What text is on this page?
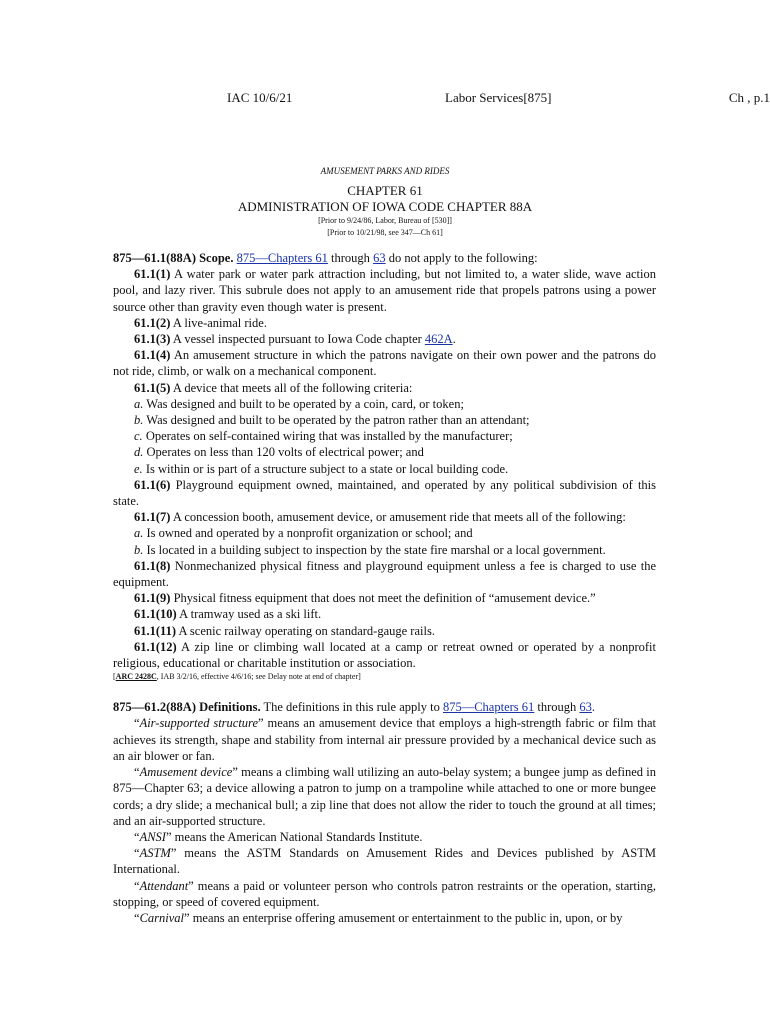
IAC 10/6/21	Labor Services[875]	Ch , p.1
AMUSEMENT PARKS AND RIDES
CHAPTER 61
ADMINISTRATION OF IOWA CODE CHAPTER 88A
[Prior to 9/24/86, Labor, Bureau of [530]]
[Prior to 10/21/98, see 347—Ch 61]

875—61.1(88A) Scope. 875—Chapters 61 through 63 do not apply to the following:

61.1(1) A water park or water park attraction including, but not limited to, a water slide, wave action pool, and lazy river. This subrule does not apply to an amusement ride that propels patrons using a power source other than gravity even though water is present.

61.1(2) A live-animal ride.

61.1(3) A vessel inspected pursuant to Iowa Code chapter 462A.

61.1(4) An amusement structure in which the patrons navigate on their own power and the patrons do not ride, climb, or walk on a mechanical component.

61.1(5) A device that meets all of the following criteria:

a. Was designed and built to be operated by a coin, card, or token;

b. Was designed and built to be operated by the patron rather than an attendant;

c. Operates on self-contained wiring that was installed by the manufacturer;

d. Operates on less than 120 volts of electrical power; and

e. Is within or is part of a structure subject to a state or local building code.

61.1(6) Playground equipment owned, maintained, and operated by any political subdivision of this state.

61.1(7) A concession booth, amusement device, or amusement ride that meets all of the following:

a. Is owned and operated by a nonprofit organization or school; and

b. Is located in a building subject to inspection by the state fire marshal or a local government.

61.1(8) Nonmechanized physical fitness and playground equipment unless a fee is charged to use the equipment.

61.1(9) Physical fitness equipment that does not meet the definition of “amusement device.”

61.1(10) A tramway used as a ski lift.

61.1(11) A scenic railway operating on standard-gauge rails.

61.1(12) A zip line or climbing wall located at a camp or retreat owned or operated by a nonprofit religious, educational or charitable institution or association.

[ARC 2428C, IAB 3/2/16, effective 4/6/16; see Delay note at end of chapter]

875—61.2(88A) Definitions. The definitions in this rule apply to 875—Chapters 61 through 63.

“Air-supported structure” means an amusement device that employs a high-strength fabric or film that achieves its strength, shape and stability from internal air pressure provided by a mechanical device such as an air blower or fan.

“Amusement device” means a climbing wall utilizing an auto-belay system; a bungee jump as defined in 875—Chapter 63; a device allowing a patron to jump on a trampoline while attached to one or more bungee cords; a dry slide; a mechanical bull; a zip line that does not allow the rider to touch the ground at all times; and an air-supported structure.

“ANSI” means the American National Standards Institute.

“ASTM” means the ASTM Standards on Amusement Rides and Devices published by ASTM International.

“Attendant” means a paid or volunteer person who controls patron restraints or the operation, starting, stopping, or speed of covered equipment.

“Carnival” means an enterprise offering amusement or entertainment to the public in, upon, or by
